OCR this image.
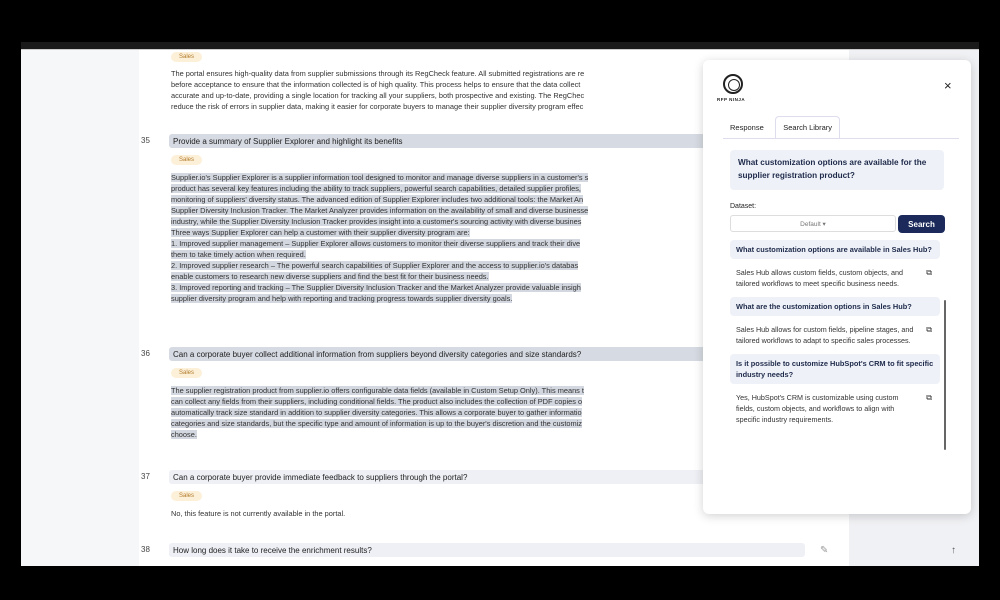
Sales
The portal ensures high-quality data from supplier submissions through its RegCheck feature. All submitted registrations are re
before acceptance to ensure that the information collected is of high quality. This process helps to ensure that the data collect
accurate and up-to-date, providing a single location for tracking all your suppliers, both prospective and existing. The RegChec
reduce the risk of errors in supplier data, making it easier for corporate buyers to manage their supplier diversity program effec
35	Provide a summary of Supplier Explorer and highlight its benefits
Sales
Supplier.io's Supplier Explorer is a supplier information tool designed to monitor and manage diverse suppliers in a customer's s
product has several key features including the ability to track suppliers, powerful search capabilities, detailed supplier profiles,
monitoring of suppliers' diversity status. The advanced edition of Supplier Explorer includes two additional tools: the Market An
Supplier Diversity Inclusion Tracker. The Market Analyzer provides information on the availability of small and diverse businesse
industry, while the Supplier Diversity Inclusion Tracker provides insight into a customer's sourcing activity with diverse busines
Three ways Supplier Explorer can help a customer with their supplier diversity program are:
1. Improved supplier management – Supplier Explorer allows customers to monitor their diverse suppliers and track their dive
them to take timely action when required.
2. Improved supplier research – The powerful search capabilities of Supplier Explorer and the access to supplier.io's databas
enable customers to research new diverse suppliers and find the best fit for their business needs.
3. Improved reporting and tracking – The Supplier Diversity Inclusion Tracker and the Market Analyzer provide valuable insigh
supplier diversity program and help with reporting and tracking progress towards supplier diversity goals.
36	Can a corporate buyer collect additional information from suppliers beyond diversity categories and size standards?
Sales
The supplier registration product from supplier.io offers configurable data fields (available in Custom Setup Only). This means t
can collect any fields from their suppliers, including conditional fields. The product also includes the collection of PDF copies o
automatically track size standard in addition to supplier diversity categories. This allows a corporate buyer to gather informatio
categories and size standards, but the specific type and amount of information is up to the buyer's discretion and the customiz
choose.
37	Can a corporate buyer provide immediate feedback to suppliers through the portal?
Sales
No, this feature is not currently available in the portal.
38	How long does it take to receive the enrichment results?	✎	↑
RFP NINJA
×
Response	Search Library
What customization options are available for the supplier registration product?
Dataset:
Default ▾	Search
What customization options are available in Sales Hub?
Sales Hub allows custom fields, custom objects, and tailored workflows to meet specific business needs.
⧉
What are the customization options in Sales Hub?
Sales Hub allows for custom fields, pipeline stages, and tailored workflows to adapt to specific sales processes.
⧉
Is it possible to customize HubSpot's CRM to fit specific industry needs?
Yes, HubSpot's CRM is customizable using custom fields, custom objects, and workflows to align with specific industry requirements.
⧉
